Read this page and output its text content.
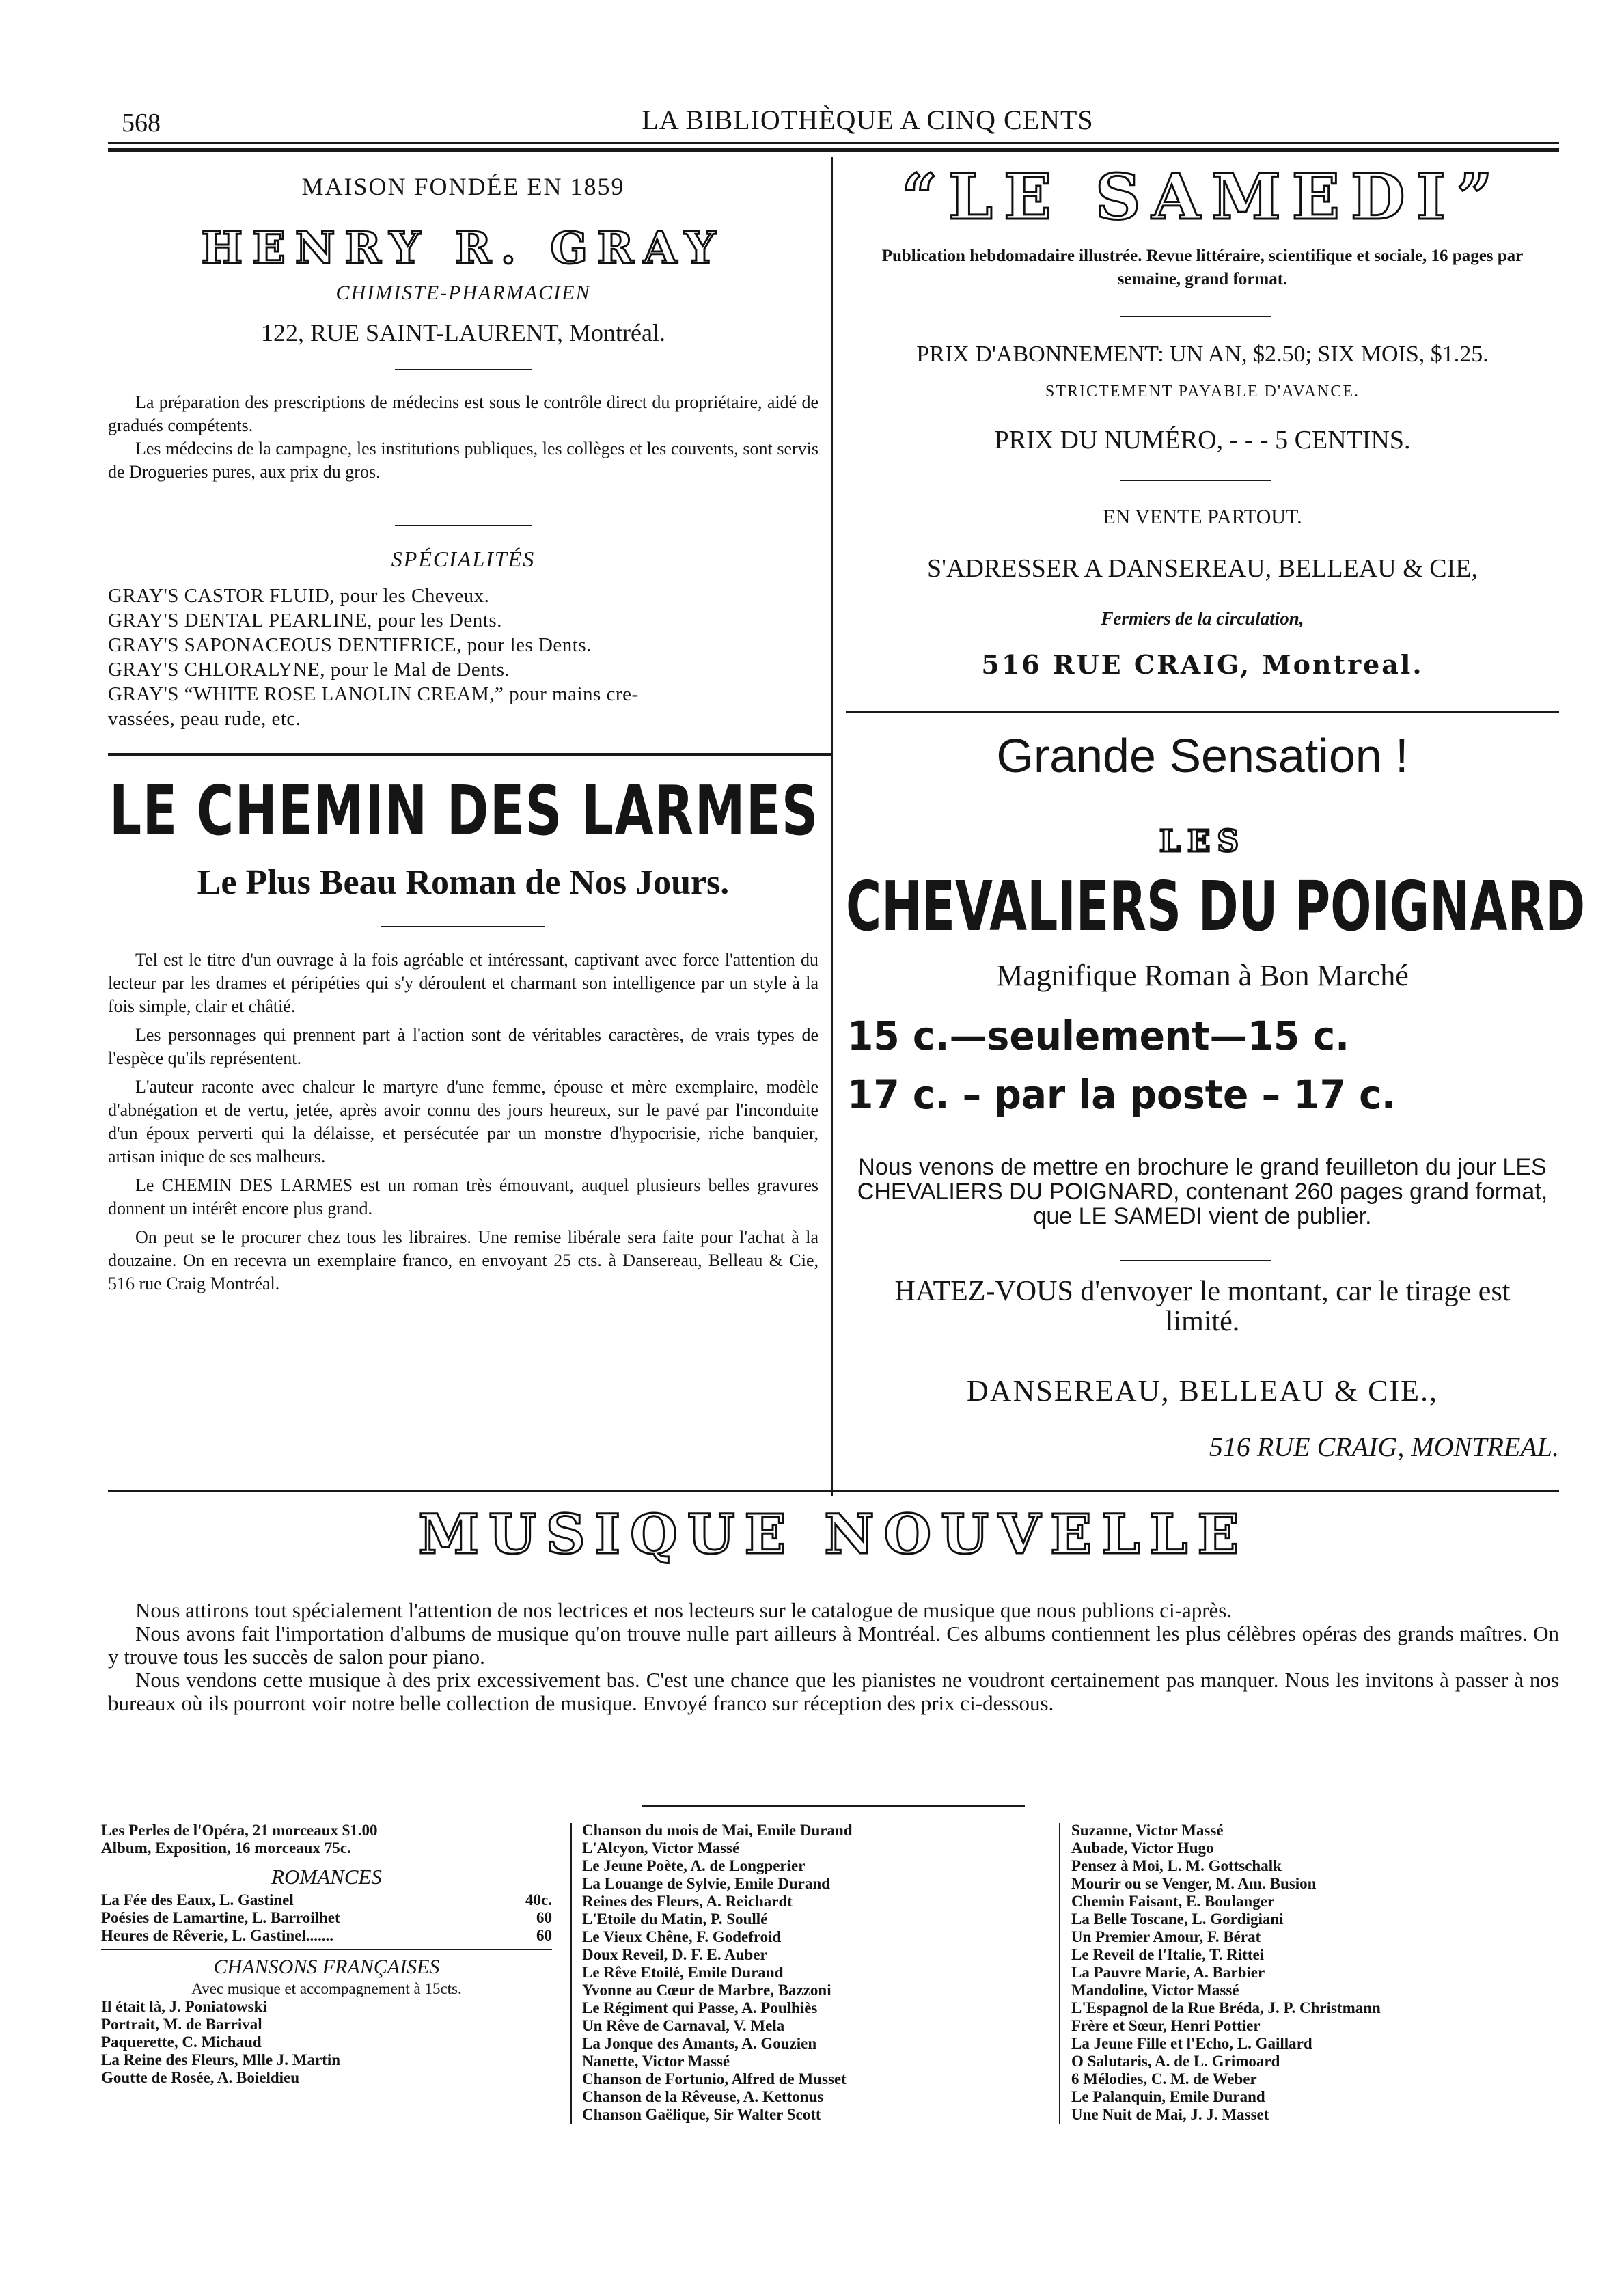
568	LA BIBLIOTHÈQUE A CINQ CENTS
MAISON FONDÉE EN 1859
HENRY R. GRAY
CHIMISTE-PHARMACIEN
122, RUE SAINT-LAURENT, Montréal.

La préparation des prescriptions de médecins est sous le contrôle direct du propriétaire, aidé de gradués compétents.

Les médecins de la campagne, les institutions publiques, les collèges et les couvents, sont servis de Drogueries pures, aux prix du gros.

SPÉCIALITÉS
GRAY'S CASTOR FLUID, pour les Cheveux.
GRAY'S DENTAL PEARLINE, pour les Dents.
GRAY'S SAPONACEOUS DENTIFRICE, pour les Dents.
GRAY'S CHLORALYNE, pour le Mal de Dents.
GRAY'S “WHITE ROSE LANOLIN CREAM,” pour mains cre-
vassées, peau rude, etc.
LE CHEMIN DES LARMES
Le Plus Beau Roman de Nos Jours.

Tel est le titre d'un ouvrage à la fois agréable et intéressant, captivant avec force l'attention du lecteur par les drames et péripéties qui s'y déroulent et charmant son intelligence par un style à la fois simple, clair et châtié.

Les personnages qui prennent part à l'action sont de véritables caractères, de vrais types de l'espèce qu'ils représentent.

L'auteur raconte avec chaleur le martyre d'une femme, épouse et mère exemplaire, modèle d'abnégation et de vertu, jetée, après avoir connu des jours heureux, sur le pavé par l'inconduite d'un époux perverti qui la délaisse, et persécutée par un monstre d'hypocrisie, riche banquier, artisan inique de ses malheurs.

Le CHEMIN DES LARMES est un roman très émouvant, auquel plusieurs belles gravures donnent un intérêt encore plus grand.

On peut se le procurer chez tous les libraires. Une remise libérale sera faite pour l'achat à la douzaine. On en recevra un exemplaire franco, en envoyant 25 cts. à Dansereau, Belleau & Cie, 516 rue Craig Montréal.

“LE SAMEDI”
Publication hebdomadaire illustrée. Revue littéraire, scientifique et sociale, 16 pages par semaine, grand format.
PRIX D'ABONNEMENT: UN AN, $2.50; SIX MOIS, $1.25.
STRICTEMENT PAYABLE D'AVANCE.
PRIX DU NUMÉRO, - - - 5 CENTINS.
EN VENTE PARTOUT.
S'ADRESSER A DANSEREAU, BELLEAU & CIE,
Fermiers de la circulation,
516 RUE CRAIG, Montreal.
Grande Sensation !
LES
CHEVALIERS DU POIGNARD
Magnifique Roman à Bon Marché
15 c.—seulement—15 c.
17 c. – par la poste – 17 c.
Nous venons de mettre en brochure le grand feuilleton du jour LES CHEVALIERS DU POIGNARD, contenant 260 pages grand format, que LE SAMEDI vient de publier.
HATEZ-VOUS d'envoyer le montant, car le tirage est limité.
DANSEREAU, BELLEAU & CIE.,
516 RUE CRAIG, MONTREAL.
MUSIQUE NOUVELLE

Nous attirons tout spécialement l'attention de nos lectrices et nos lecteurs sur le catalogue de musique que nous publions ci-après.

Nous avons fait l'importation d'albums de musique qu'on trouve nulle part ailleurs à Montréal. Ces albums contiennent les plus célèbres opéras des grands maîtres. On y trouve tous les succès de salon pour piano.

Nous vendons cette musique à des prix excessivement bas. C'est une chance que les pianistes ne voudront certainement pas manquer. Nous les invitons à passer à nos bureaux où ils pourront voir notre belle collection de musique. Envoyé franco sur réception des prix ci-dessous.

Les Perles de l'Opéra, 21 morceaux $1.00
Album, Exposition, 16 morceaux 75c.
ROMANCES
La Fée des Eaux, L. Gastinel	40c.
Poésies de Lamartine, L. Barroilhet	60
Heures de Rêverie, L. Gastinel.......	60
CHANSONS FRANÇAISES
Avec musique et accompagnement à 15cts.
Il était là, J. Poniatowski
Portrait, M. de Barrival
Paquerette, C. Michaud
La Reine des Fleurs, Mlle J. Martin
Goutte de Rosée, A. Boieldieu
Chanson du mois de Mai, Emile Durand
L'Alcyon, Victor Massé
Le Jeune Poète, A. de Longperier
La Louange de Sylvie, Emile Durand
Reines des Fleurs, A. Reichardt
L'Etoile du Matin, P. Soullé
Le Vieux Chêne, F. Godefroid
Doux Reveil, D. F. E. Auber
Le Rêve Etoilé, Emile Durand
Yvonne au Cœur de Marbre, Bazzoni
Le Régiment qui Passe, A. Poulhiès
Un Rêve de Carnaval, V. Mela
La Jonque des Amants, A. Gouzien
Nanette, Victor Massé
Chanson de Fortunio, Alfred de Musset
Chanson de la Rêveuse, A. Kettonus
Chanson Gaëlique, Sir Walter Scott
Suzanne, Victor Massé
Aubade, Victor Hugo
Pensez à Moi, L. M. Gottschalk
Mourir ou se Venger, M. Am. Busion
Chemin Faisant, E. Boulanger
La Belle Toscane, L. Gordigiani
Un Premier Amour, F. Bérat
Le Reveil de l'Italie, T. Rittei
La Pauvre Marie, A. Barbier
Mandoline, Victor Massé
L'Espagnol de la Rue Bréda, J. P. Christmann
Frère et Sœur, Henri Pottier
La Jeune Fille et l'Echo, L. Gaillard
O Salutaris, A. de L. Grimoard
6 Mélodies, C. M. de Weber
Le Palanquin, Emile Durand
Une Nuit de Mai, J. J. Masset
